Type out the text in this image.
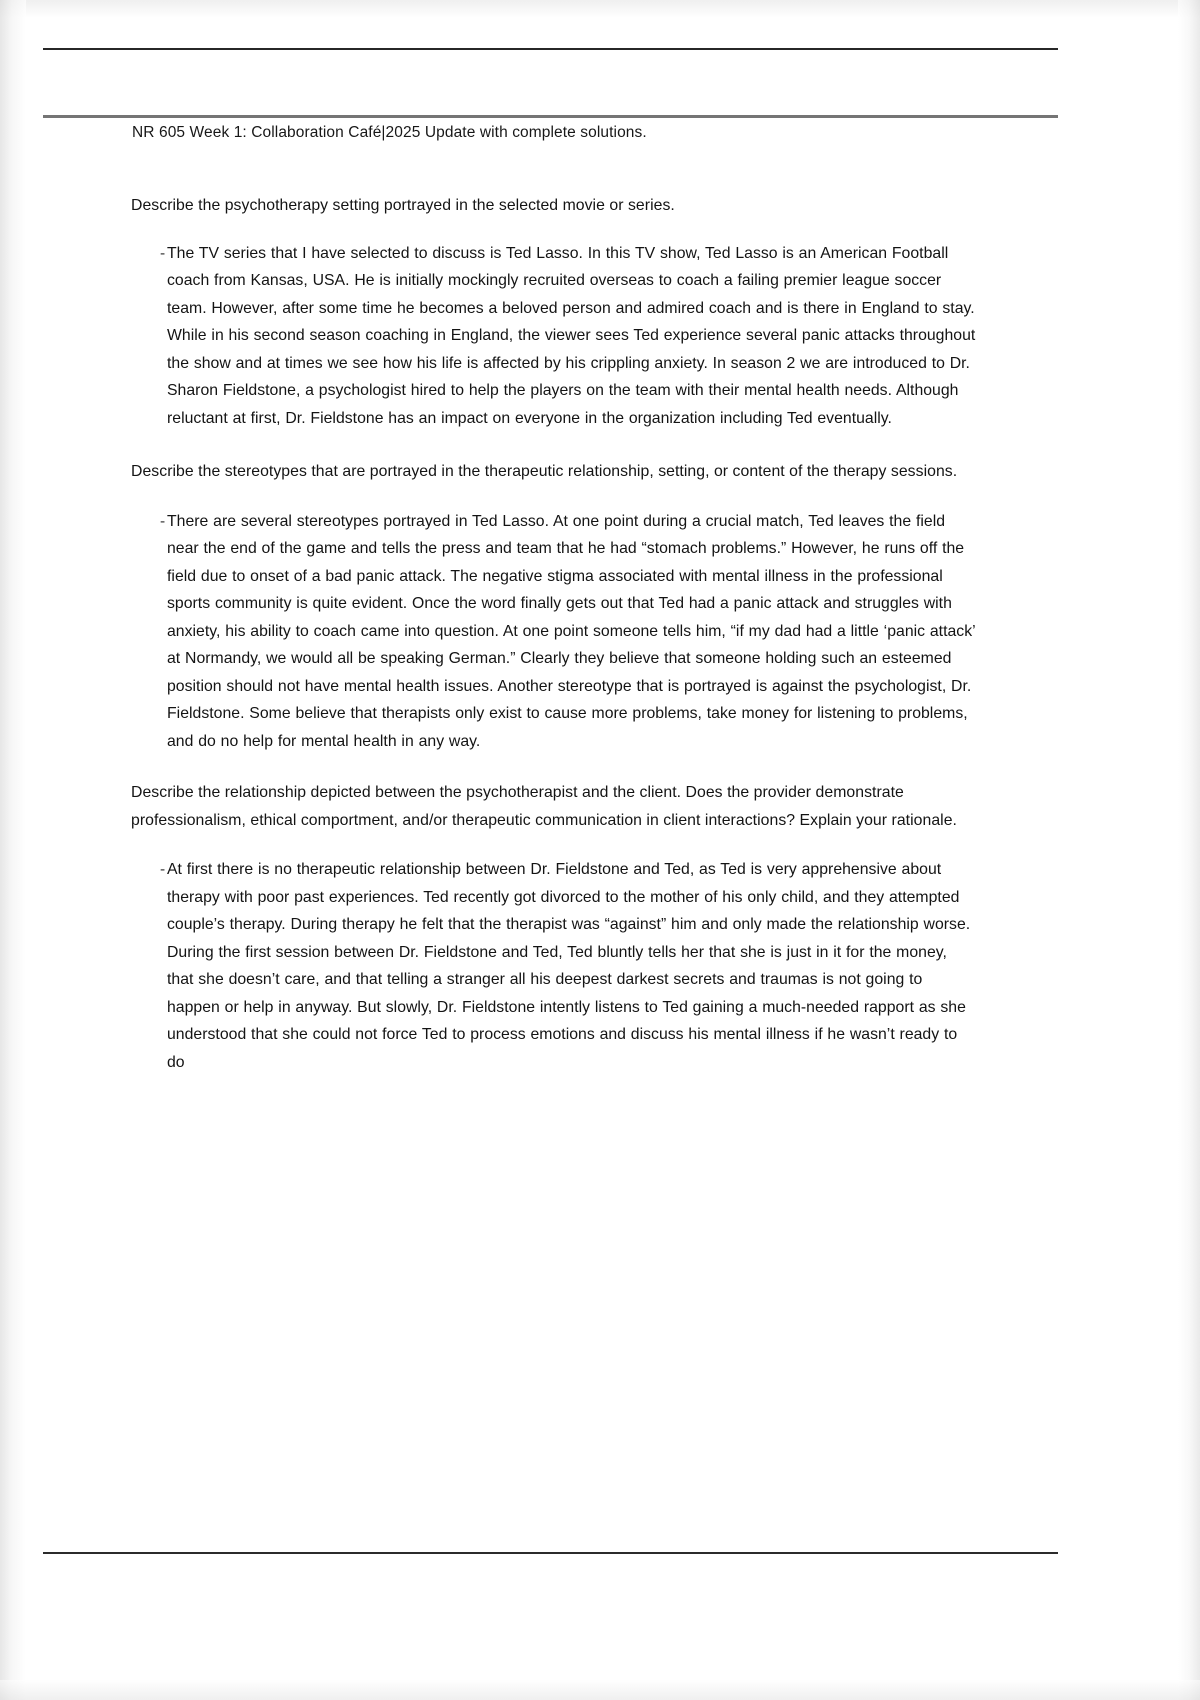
NR 605 Week 1: Collaboration Café|2025 Update with complete solutions.

Describe the psychotherapy setting portrayed in the selected movie or series.

- The TV series that I have selected to discuss is Ted Lasso. In this TV show, Ted Lasso is an American Football coach from Kansas, USA. He is initially mockingly recruited overseas to coach a failing premier league soccer team. However, after some time he becomes a beloved person and admired coach and is there in England to stay. While in his second season coaching in England, the viewer sees Ted experience several panic attacks throughout the show and at times we see how his life is affected by his crippling anxiety. In season 2 we are introduced to Dr. Sharon Fieldstone, a psychologist hired to help the players on the team with their mental health needs. Although reluctant at first, Dr. Fieldstone has an impact on everyone in the organization including Ted eventually.

Describe the stereotypes that are portrayed in the therapeutic relationship, setting, or content of the therapy sessions.

- There are several stereotypes portrayed in Ted Lasso. At one point during a crucial match, Ted leaves the field near the end of the game and tells the press and team that he had “stomach problems.” However, he runs off the field due to onset of a bad panic attack. The negative stigma associated with mental illness in the professional sports community is quite evident. Once the word finally gets out that Ted had a panic attack and struggles with anxiety, his ability to coach came into question. At one point someone tells him, “if my dad had a little ‘panic attack’ at Normandy, we would all be speaking German.” Clearly they believe that someone holding such an esteemed position should not have mental health issues. Another stereotype that is portrayed is against the psychologist, Dr. Fieldstone. Some believe that therapists only exist to cause more problems, take money for listening to problems, and do no help for mental health in any way.

Describe the relationship depicted between the psychotherapist and the client. Does the provider demonstrate professionalism, ethical comportment, and/or therapeutic communication in client interactions? Explain your rationale.

- At first there is no therapeutic relationship between Dr. Fieldstone and Ted, as Ted is very apprehensive about therapy with poor past experiences. Ted recently got divorced to the mother of his only child, and they attempted couple’s therapy. During therapy he felt that the therapist was “against” him and only made the relationship worse. During the first session between Dr. Fieldstone and Ted, Ted bluntly tells her that she is just in it for the money, that she doesn’t care, and that telling a stranger all his deepest darkest secrets and traumas is not going to happen or help in anyway. But slowly, Dr. Fieldstone intently listens to Ted gaining a much-needed rapport as she understood that she could not force Ted to process emotions and discuss his mental illness if he wasn’t ready to do
